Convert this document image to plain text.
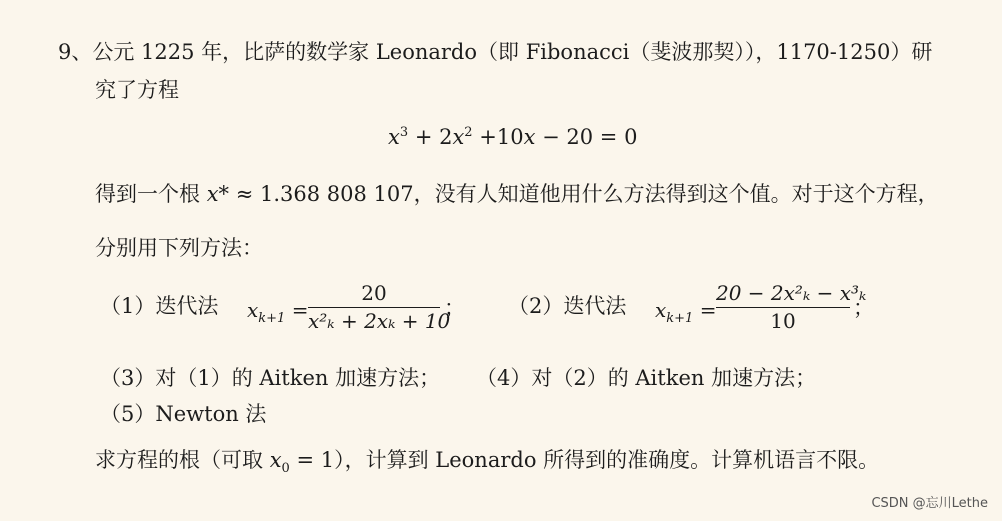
9、公元 1225 年，比萨的数学家 Leonardo（即 Fibonacci（斐波那契）），1170-1250）研
究了方程
$x^3 + 2x^2 +10x - 20 = 0$
得到一个根 x* ≈ 1.368 808 107，没有人知道他用什么方法得到这个值。对于这个方程，
分别用下列方法：
（1）迭代法 $x_{k+1}$ =
20
x²ₖ + 2xₖ + 10
； （2）迭代法 $x_{k+1}$ =
20 − 2x²ₖ − x³ₖ
10
；
（3）对（1）的 Aitken 加速方法； （4）对（2）的 Aitken 加速方法；
（5）Newton 法
求方程的根（可取 $x_0 = 1$），计算到 Leonardo 所得到的准确度。计算机语言不限。
CSDN @忘川Lethe
